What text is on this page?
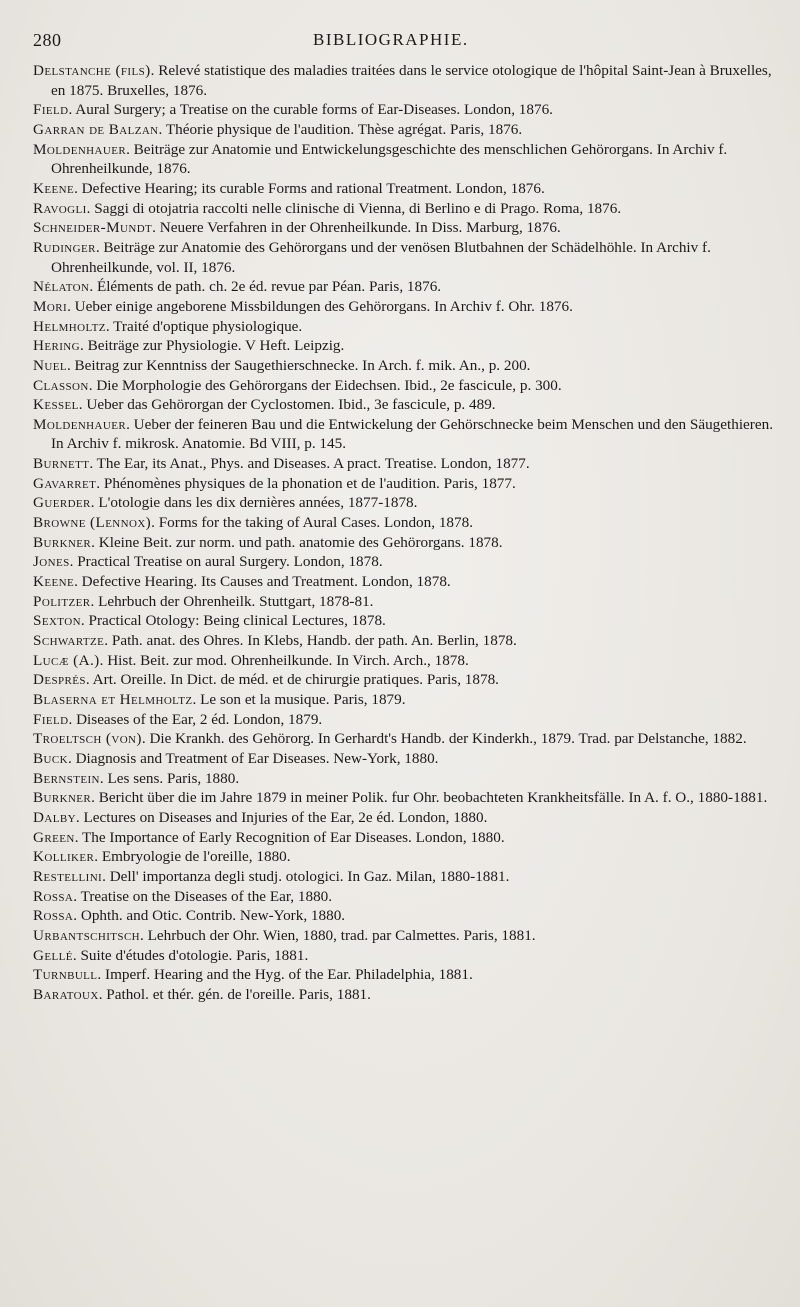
280	BIBLIOGRAPHIE.
Delstanche (fils). Relevé statistique des maladies traitées dans le service otologique de l'hôpital Saint-Jean à Bruxelles, en 1875. Bruxelles, 1876.
Field. Aural Surgery; a Treatise on the curable forms of Ear-Diseases. London, 1876.
Garran de Balzan. Théorie physique de l'audition. Thèse agrégat. Paris, 1876.
Moldenhauer. Beiträge zur Anatomie und Entwickelungsgeschichte des menschlichen Gehörorgans. In Archiv f. Ohrenheilkunde, 1876.
Keene. Defective Hearing; its curable Forms and rational Treatment. London, 1876.
Ravogli. Saggi di otojatria raccolti nelle clinische di Vienna, di Berlino e di Prago. Roma, 1876.
Schneider-Mundt. Neuere Verfahren in der Ohrenheilkunde. In Diss. Marburg, 1876.
Rudinger. Beiträge zur Anatomie des Gehörorgans und der venösen Blutbahnen der Schädelhöhle. In Archiv f. Ohrenheilkunde, vol. II, 1876.
Nélaton. Éléments de path. ch. 2e éd. revue par Péan. Paris, 1876.
Mori. Ueber einige angeborene Missbildungen des Gehörorgans. In Archiv f. Ohr. 1876.
Helmholtz. Traité d'optique physiologique.
Hering. Beiträge zur Physiologie. V Heft. Leipzig.
Nuel. Beitrag zur Kenntniss der Saugethierschnecke. In Arch. f. mik. An., p. 200.
Classon. Die Morphologie des Gehörorgans der Eidechsen. Ibid., 2e fascicule, p. 300.
Kessel. Ueber das Gehörorgan der Cyclostomen. Ibid., 3e fascicule, p. 489.
Moldenhauer. Ueber der feineren Bau und die Entwickelung der Gehörschnecke beim Menschen und den Säugethieren. In Archiv f. mikrosk. Anatomie. Bd VIII, p. 145.
Burnett. The Ear, its Anat., Phys. and Diseases. A pract. Treatise. London, 1877.
Gavarret. Phénomènes physiques de la phonation et de l'audition. Paris, 1877.
Guerder. L'otologie dans les dix dernières années, 1877-1878.
Browne (Lennox). Forms for the taking of Aural Cases. London, 1878.
Burkner. Kleine Beit. zur norm. und path. anatomie des Gehörorgans. 1878.
Jones. Practical Treatise on aural Surgery. London, 1878.
Keene. Defective Hearing. Its Causes and Treatment. London, 1878.
Politzer. Lehrbuch der Ohrenheilk. Stuttgart, 1878-81.
Sexton. Practical Otology: Being clinical Lectures, 1878.
Schwartze. Path. anat. des Ohres. In Klebs, Handb. der path. An. Berlin, 1878.
Lucæ (A.). Hist. Beit. zur mod. Ohrenheilkunde. In Virch. Arch., 1878.
Després. Art. Oreille. In Dict. de méd. et de chirurgie pratiques. Paris, 1878.
Blaserna et Helmholtz. Le son et la musique. Paris, 1879.
Field. Diseases of the Ear, 2 éd. London, 1879.
Troeltsch (von). Die Krankh. des Gehörorg. In Gerhardt's Handb. der Kinderkh., 1879. Trad. par Delstanche, 1882.
Buck. Diagnosis and Treatment of Ear Diseases. New-York, 1880.
Bernstein. Les sens. Paris, 1880.
Burkner. Bericht über die im Jahre 1879 in meiner Polik. fur Ohr. beobachteten Krankheitsfälle. In A. f. O., 1880-1881.
Dalby. Lectures on Diseases and Injuries of the Ear, 2e éd. London, 1880.
Green. The Importance of Early Recognition of Ear Diseases. London, 1880.
Kolliker. Embryologie de l'oreille, 1880.
Restellini. Dell' importanza degli studj. otologici. In Gaz. Milan, 1880-1881.
Rossa. Treatise on the Diseases of the Ear, 1880.
Rossa. Ophth. and Otic. Contrib. New-York, 1880.
Urbantschitsch. Lehrbuch der Ohr. Wien, 1880, trad. par Calmettes. Paris, 1881.
Gellé. Suite d'études d'otologie. Paris, 1881.
Turnbull. Imperf. Hearing and the Hyg. of the Ear. Philadelphia, 1881.
Baratoux. Pathol. et thér. gén. de l'oreille. Paris, 1881.
